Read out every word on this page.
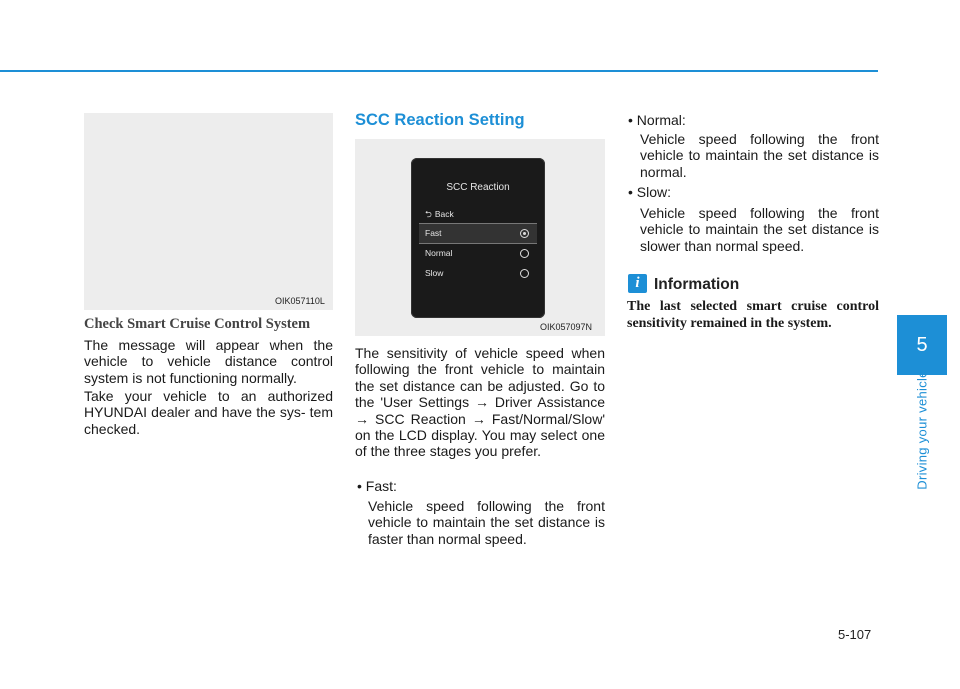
5
Driving your vehicle
OIK057110L
Check Smart Cruise Control System

The message will appear when the vehicle to vehicle distance control system is not functioning normally.

Take your vehicle to an authorized HYUNDAI dealer and have the sys- tem checked.

SCC Reaction Setting
SCC Reaction
⮌ Back
Fast
Normal
Slow
OIK057097N

The sensitivity of vehicle speed when following the front vehicle to maintain the set distance can be adjusted. Go to the 'User Settings → Driver Assistance → SCC Reaction → Fast/Normal/Slow' on the LCD display. You may select one of the three stages you prefer.

• Fast:

Vehicle speed following the front vehicle to maintain the set distance is faster than normal speed.

• Normal:

Vehicle speed following the front vehicle to maintain the set distance is normal.

• Slow:

Vehicle speed following the front vehicle to maintain the set distance is slower than normal speed.

i Information

The last selected smart cruise control sensitivity remained in the system.

5-107
